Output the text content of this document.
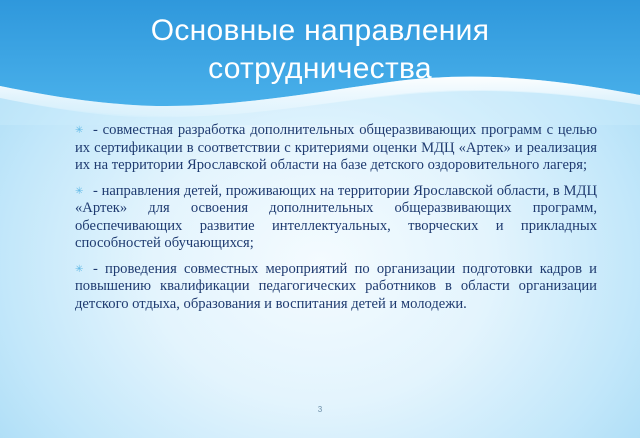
Основные направления
сотрудничества

✳ - совместная разработка дополнительных общеразвивающих программ с целью их сертификации в соответствии с критериями оценки МДЦ «Артек» и реализация их на территории Ярославской области на базе детского оздоровительного лагеря;

✳ - направления детей, проживающих на территории Ярославской области, в МДЦ «Артек» для освоения дополнительных общеразвивающих программ, обеспечивающих развитие интеллектуальных, творческих и прикладных способностей обучающихся;

✳ - проведения совместных мероприятий по организации подготовки кадров и повышению квалификации педагогических работников в области организации детского отдыха, образования и воспитания детей и молодежи.

3
